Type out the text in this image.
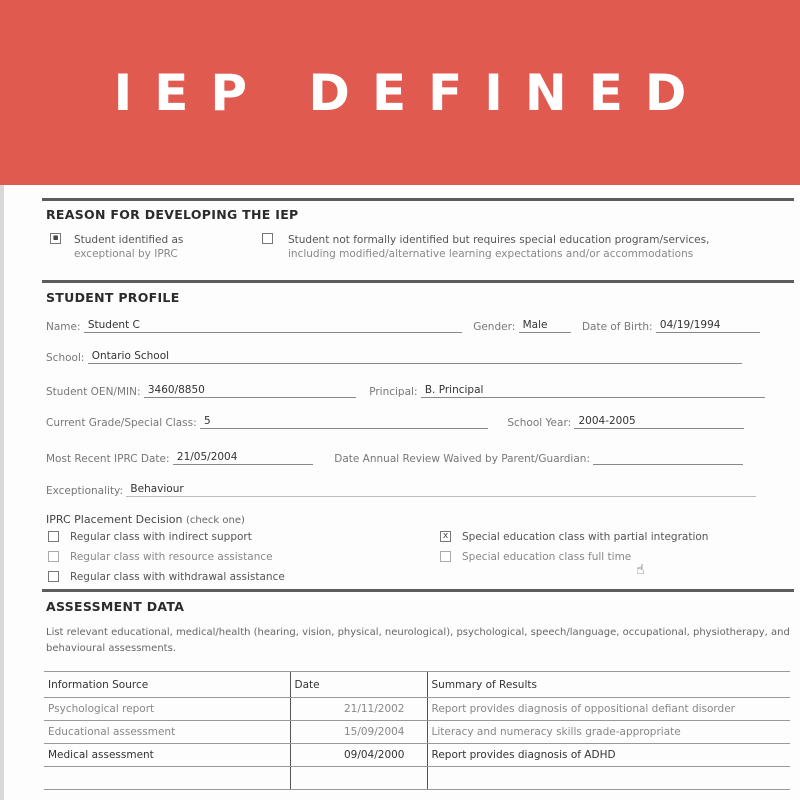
IEP DEFINED
REASON FOR DEVELOPING THE IEP
▪ Student identified as
exceptional by IPRC
Student not formally identified but requires special education program/services,
including modified/alternative learning expectations and/or accommodations
STUDENT PROFILE
Name: Student C	Gender: Male	Date of Birth: 04/19/1994
School: Ontario School
Student OEN/MIN: 3460/8850	Principal: B. Principal
Current Grade/Special Class: 5	School Year: 2004-2005
Most Recent IPRC Date: 21/05/2004	Date Annual Review Waived by Parent/Guardian:
Exceptionality: Behaviour
IPRC Placement Decision (check one)
Regular class with indirect support
Regular class with resource assistance
Regular class with withdrawal assistance
x Special education class with partial integration
Special education class full time
☝
ASSESSMENT DATA
List relevant educational, medical/health (hearing, vision, physical, neurological), psychological, speech/language, occupational, physiotherapy, and behavioural assessments.
Information Source	Date	Summary of Results
Psychological report	21/11/2002	Report provides diagnosis of oppositional defiant disorder
Educational assessment	15/09/2004	Literacy and numeracy skills grade-appropriate
Medical assessment	09/04/2000	Report provides diagnosis of ADHD
